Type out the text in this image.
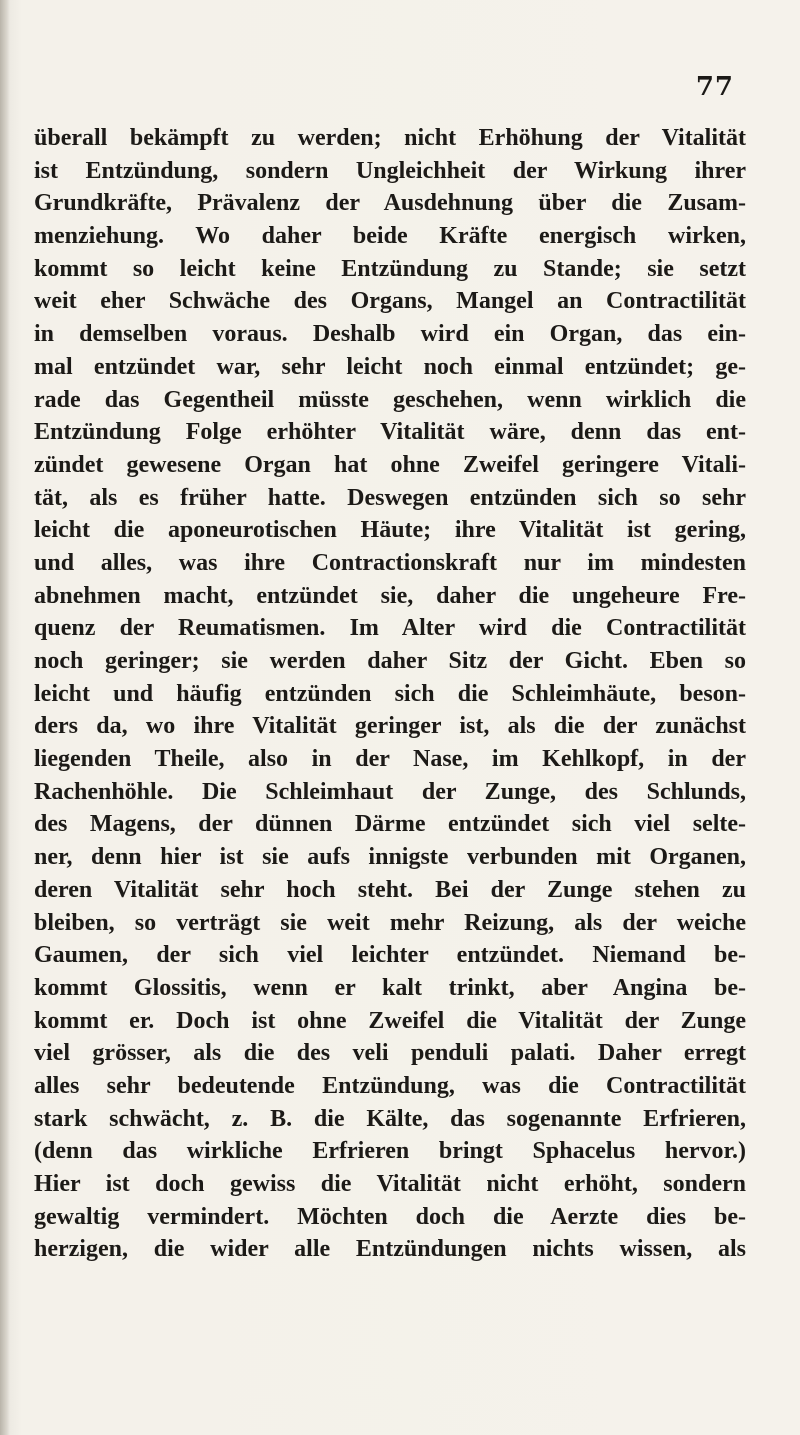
77

überall bekämpft zu werden; nicht Erhöhung der Vitalität
ist Entzündung, sondern Ungleichheit der Wirkung ihrer
Grundkräfte, Prävalenz der Ausdehnung über die Zusam-
menziehung. Wo daher beide Kräfte energisch wirken,
kommt so leicht keine Entzündung zu Stande; sie setzt
weit eher Schwäche des Organs, Mangel an Contractilität
in demselben voraus. Deshalb wird ein Organ, das ein-
mal entzündet war, sehr leicht noch einmal entzündet; ge-
rade das Gegentheil müsste geschehen, wenn wirklich die
Entzündung Folge erhöhter Vitalität wäre, denn das ent-
zündet gewesene Organ hat ohne Zweifel geringere Vitali-
tät, als es früher hatte. Deswegen entzünden sich so sehr
leicht die aponeurotischen Häute; ihre Vitalität ist gering,
und alles, was ihre Contractionskraft nur im mindesten
abnehmen macht, entzündet sie, daher die ungeheure Fre-
quenz der Reumatismen. Im Alter wird die Contractilität
noch geringer; sie werden daher Sitz der Gicht. Eben so
leicht und häufig entzünden sich die Schleimhäute, beson-
ders da, wo ihre Vitalität geringer ist, als die der zunächst
liegenden Theile, also in der Nase, im Kehlkopf, in der
Rachenhöhle. Die Schleimhaut der Zunge, des Schlunds,
des Magens, der dünnen Därme entzündet sich viel selte-
ner, denn hier ist sie aufs innigste verbunden mit Organen,
deren Vitalität sehr hoch steht. Bei der Zunge stehen zu
bleiben, so verträgt sie weit mehr Reizung, als der weiche
Gaumen, der sich viel leichter entzündet. Niemand be-
kommt Glossitis, wenn er kalt trinkt, aber Angina be-
kommt er. Doch ist ohne Zweifel die Vitalität der Zunge
viel grösser, als die des veli penduli palati. Daher erregt
alles sehr bedeutende Entzündung, was die Contractilität
stark schwächt, z. B. die Kälte, das sogenannte Erfrieren,
(denn das wirkliche Erfrieren bringt Sphacelus hervor.)
Hier ist doch gewiss die Vitalität nicht erhöht, sondern
gewaltig vermindert. Möchten doch die Aerzte dies be-
herzigen, die wider alle Entzündungen nichts wissen, als
